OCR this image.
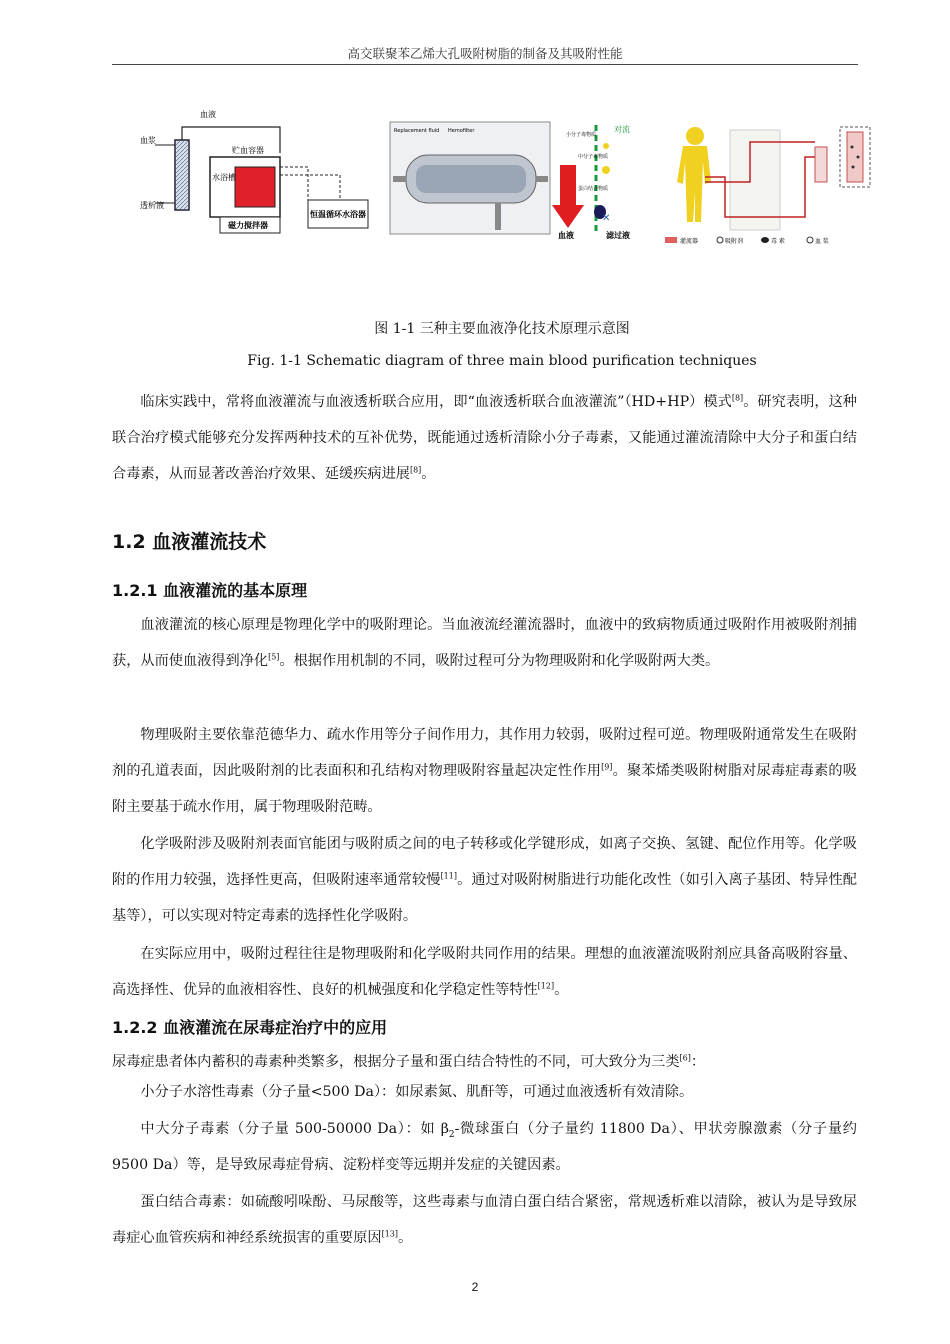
高交联聚苯乙烯大孔吸附树脂的制备及其吸附性能
血液
血浆
透析液
贮血容器
水浴槽
磁力搅拌器
恒温循环水浴器
Replacement fluid Hemofilter
✕
对流
小分子毒物质
中分子毒物质
蛋白结合物质
血液	滤过液
灌流器	吸附剂	毒 素	血 浆
图 1-1 三种主要血液净化技术原理示意图
Fig. 1-1 Schematic diagram of three main blood purification techniques

临床实践中，常将血液灌流与血液透析联合应用，即“血液透析联合血液灌流”（HD+HP）模式[8]。研究表明，这种联合治疗模式能够充分发挥两种技术的互补优势，既能通过透析清除小分子毒素，又能通过灌流清除中大分子和蛋白结合毒素，从而显著改善治疗效果、延缓疾病进展[8]。

1.2 血液灌流技术
1.2.1 血液灌流的基本原理

血液灌流的核心原理是物理化学中的吸附理论。当血液流经灌流器时，血液中的致病物质通过吸附作用被吸附剂捕获，从而使血液得到净化[5]。根据作用机制的不同，吸附过程可分为物理吸附和化学吸附两大类。

物理吸附主要依靠范德华力、疏水作用等分子间作用力，其作用力较弱，吸附过程可逆。物理吸附通常发生在吸附剂的孔道表面，因此吸附剂的比表面积和孔结构对物理吸附容量起决定性作用[9]。聚苯烯类吸附树脂对尿毒症毒素的吸附主要基于疏水作用，属于物理吸附范畴。

化学吸附涉及吸附剂表面官能团与吸附质之间的电子转移或化学键形成，如离子交换、氢键、配位作用等。化学吸附的作用力较强，选择性更高，但吸附速率通常较慢[11]。通过对吸附树脂进行功能化改性（如引入离子基团、特异性配基等），可以实现对特定毒素的选择性化学吸附。

在实际应用中，吸附过程往往是物理吸附和化学吸附共同作用的结果。理想的血液灌流吸附剂应具备高吸附容量、高选择性、优异的血液相容性、良好的机械强度和化学稳定性等特性[12]。

1.2.2 血液灌流在尿毒症治疗中的应用

尿毒症患者体内蓄积的毒素种类繁多，根据分子量和蛋白结合特性的不同，可大致分为三类[6]：

小分子水溶性毒素（分子量<500 Da）：如尿素氮、肌酐等，可通过血液透析有效清除。

中大分子毒素（分子量 500-50000 Da）：如 $\beta_2-$微球蛋白（分子量约 11800 Da）、甲状旁腺激素（分子量约 9500 Da）等，是导致尿毒症骨病、淀粉样变等远期并发症的关键因素。

蛋白结合毒素：如硫酸吲哚酚、马尿酸等，这些毒素与血清白蛋白结合紧密，常规透析难以清除，被认为是导致尿毒症心血管疾病和神经系统损害的重要原因[13]。

2
